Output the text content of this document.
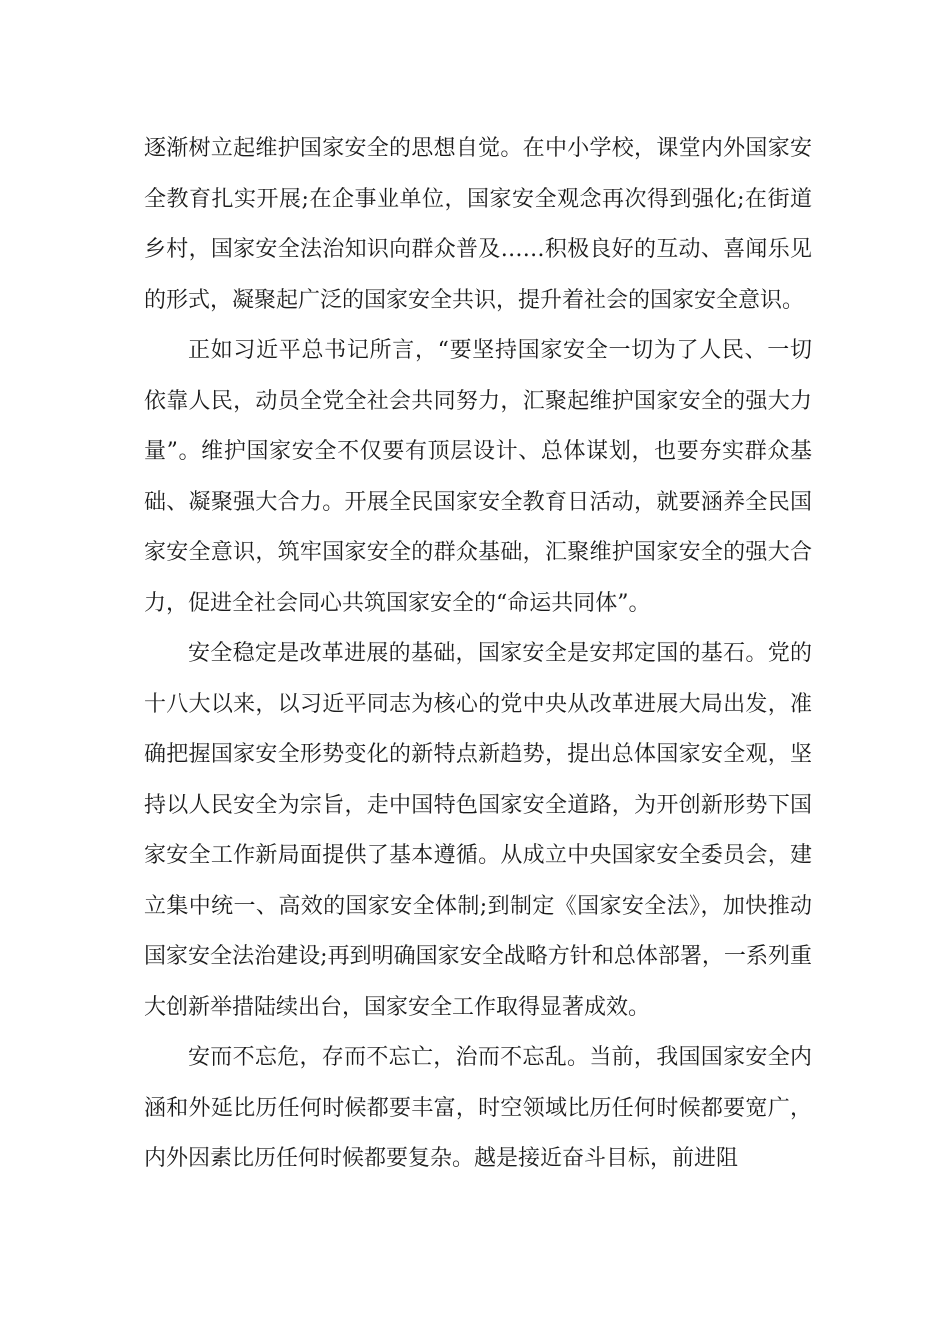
逐渐树立起维护国家安全的思想自觉。在中小学校，课堂内外国家安全教育扎实开展;在企事业单位，国家安全观念再次得到强化;在街道乡村，国家安全法治知识向群众普及……积极良好的互动、喜闻乐见的形式，凝聚起广泛的国家安全共识，提升着社会的国家安全意识。

正如习近平总书记所言，“要坚持国家安全一切为了人民、一切依靠人民，动员全党全社会共同努力，汇聚起维护国家安全的强大力量”。维护国家安全不仅要有顶层设计、总体谋划，也要夯实群众基础、凝聚强大合力。开展全民国家安全教育日活动，就要涵养全民国家安全意识，筑牢国家安全的群众基础，汇聚维护国家安全的强大合力，促进全社会同心共筑国家安全的“命运共同体”。

安全稳定是改革进展的基础，国家安全是安邦定国的基石。党的十八大以来，以习近平同志为核心的党中央从改革进展大局出发，准确把握国家安全形势变化的新特点新趋势，提出总体国家安全观，坚持以人民安全为宗旨，走中国特色国家安全道路，为开创新形势下国家安全工作新局面提供了基本遵循。从成立中央国家安全委员会，建立集中统一、高效的国家安全体制;到制定《国家安全法》，加快推动国家安全法治建设;再到明确国家安全战略方针和总体部署，一系列重大创新举措陆续出台，国家安全工作取得显著成效。

安而不忘危，存而不忘亡，治而不忘乱。当前，我国国家安全内涵和外延比历任何时候都要丰富，时空领域比历任何时候都要宽广，内外因素比历任何时候都要复杂。越是接近奋斗目标，前进阻
